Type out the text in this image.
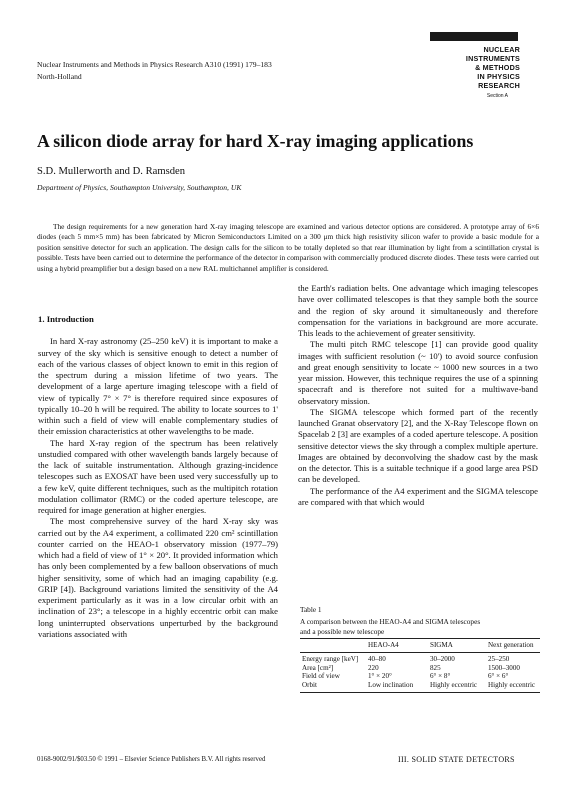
Nuclear Instruments and Methods in Physics Research A310 (1991) 179–183
North-Holland
NUCLEAR
INSTRUMENTS
& METHODS
IN PHYSICS
RESEARCH
Section A
A silicon diode array for hard X-ray imaging applications
S.D. Mullerworth and D. Ramsden
Department of Physics, Southampton University, Southampton, UK

The design requirements for a new generation hard X-ray imaging telescope are examined and various detector options are considered. A prototype array of 6×6 diodes (each 5 mm×5 mm) has been fabricated by Micron Semiconductors Limited on a 300 μm thick high resistivity silicon wafer to provide a basic module for a position sensitive detector for such an application. The design calls for the silicon to be totally depleted so that rear illumination by light from a scintillation crystal is possible. Tests have been carried out to determine the performance of the detector in comparison with commercially produced discrete diodes. These tests were carried out using a hybrid preamplifier but a design based on a new RAL multichannel amplifier is considered.

1. Introduction

In hard X-ray astronomy (25–250 keV) it is important to make a survey of the sky which is sensitive enough to detect a number of each of the various classes of object known to emit in this region of the spectrum during a mission lifetime of two years. The development of a large aperture imaging telescope with a field of view of typically 7° × 7° is therefore required since exposures of typically 10–20 h will be required. The ability to locate sources to 1' within such a field of view will enable complementary studies of their emission characteristics at other wavelengths to be made.

The hard X-ray region of the spectrum has been relatively unstudied compared with other wavelength bands largely because of the lack of suitable instrumentation. Although grazing-incidence telescopes such as EXOSAT have been used very successfully up to a few keV, quite different techniques, such as the multipitch rotation modulation collimator (RMC) or the coded aperture telescope, are required for image generation at higher energies.

The most comprehensive survey of the hard X-ray sky was carried out by the A4 experiment, a collimated 220 cm² scintillation counter carried on the HEAO-1 observatory mission (1977–79) which had a field of view of 1° × 20°. It provided information which has only been complemented by a few balloon observations of much higher sensitivity, some of which had an imaging capability (e.g. GRIP [4]). Background variations limited the sensitivity of the A4 experiment particularly as it was in a low circular orbit with an inclination of 23°; a telescope in a highly eccentric orbit can make long uninterrupted observations unperturbed by the background variations associated with

the Earth's radiation belts. One advantage which imaging telescopes have over collimated telescopes is that they sample both the source and the region of sky around it simultaneously and therefore compensation for the variations in background are more accurate. This leads to the achievement of greater sensitivity.

The multi pitch RMC telescope [1] can provide good quality images with sufficient resolution (~ 10') to avoid source confusion and great enough sensitivity to locate ~ 1000 new sources in a two year mission. However, this technique requires the use of a spinning spacecraft and is therefore not suited for a multiwave-band observatory mission.

The SIGMA telescope which formed part of the recently launched Granat observatory [2], and the X-Ray Telescope flown on Spacelab 2 [3] are examples of a coded aperture telescope. A position sensitive detector views the sky through a complex multiple aperture. Images are obtained by deconvolving the shadow cast by the mask on the detector. This is a suitable technique if a good large area PSD can be developed.

The performance of the A4 experiment and the SIGMA telescope are compared with that which would

Table 1
A comparison between the HEAO-A4 and SIGMA telescopes
and a possible new telescope
	HEAO-A4	SIGMA	Next generation
Energy range [keV]	40–80	30–2000	25–250
Area [cm²]	220	825	1500–3000
Field of view	1° × 20°	6° × 8°	6° × 6°
Orbit	Low inclination	Highly eccentric	Highly eccentric
0168-9002/91/$03.50 © 1991 – Elsevier Science Publishers B.V. All rights reserved	III. SOLID STATE DETECTORS
